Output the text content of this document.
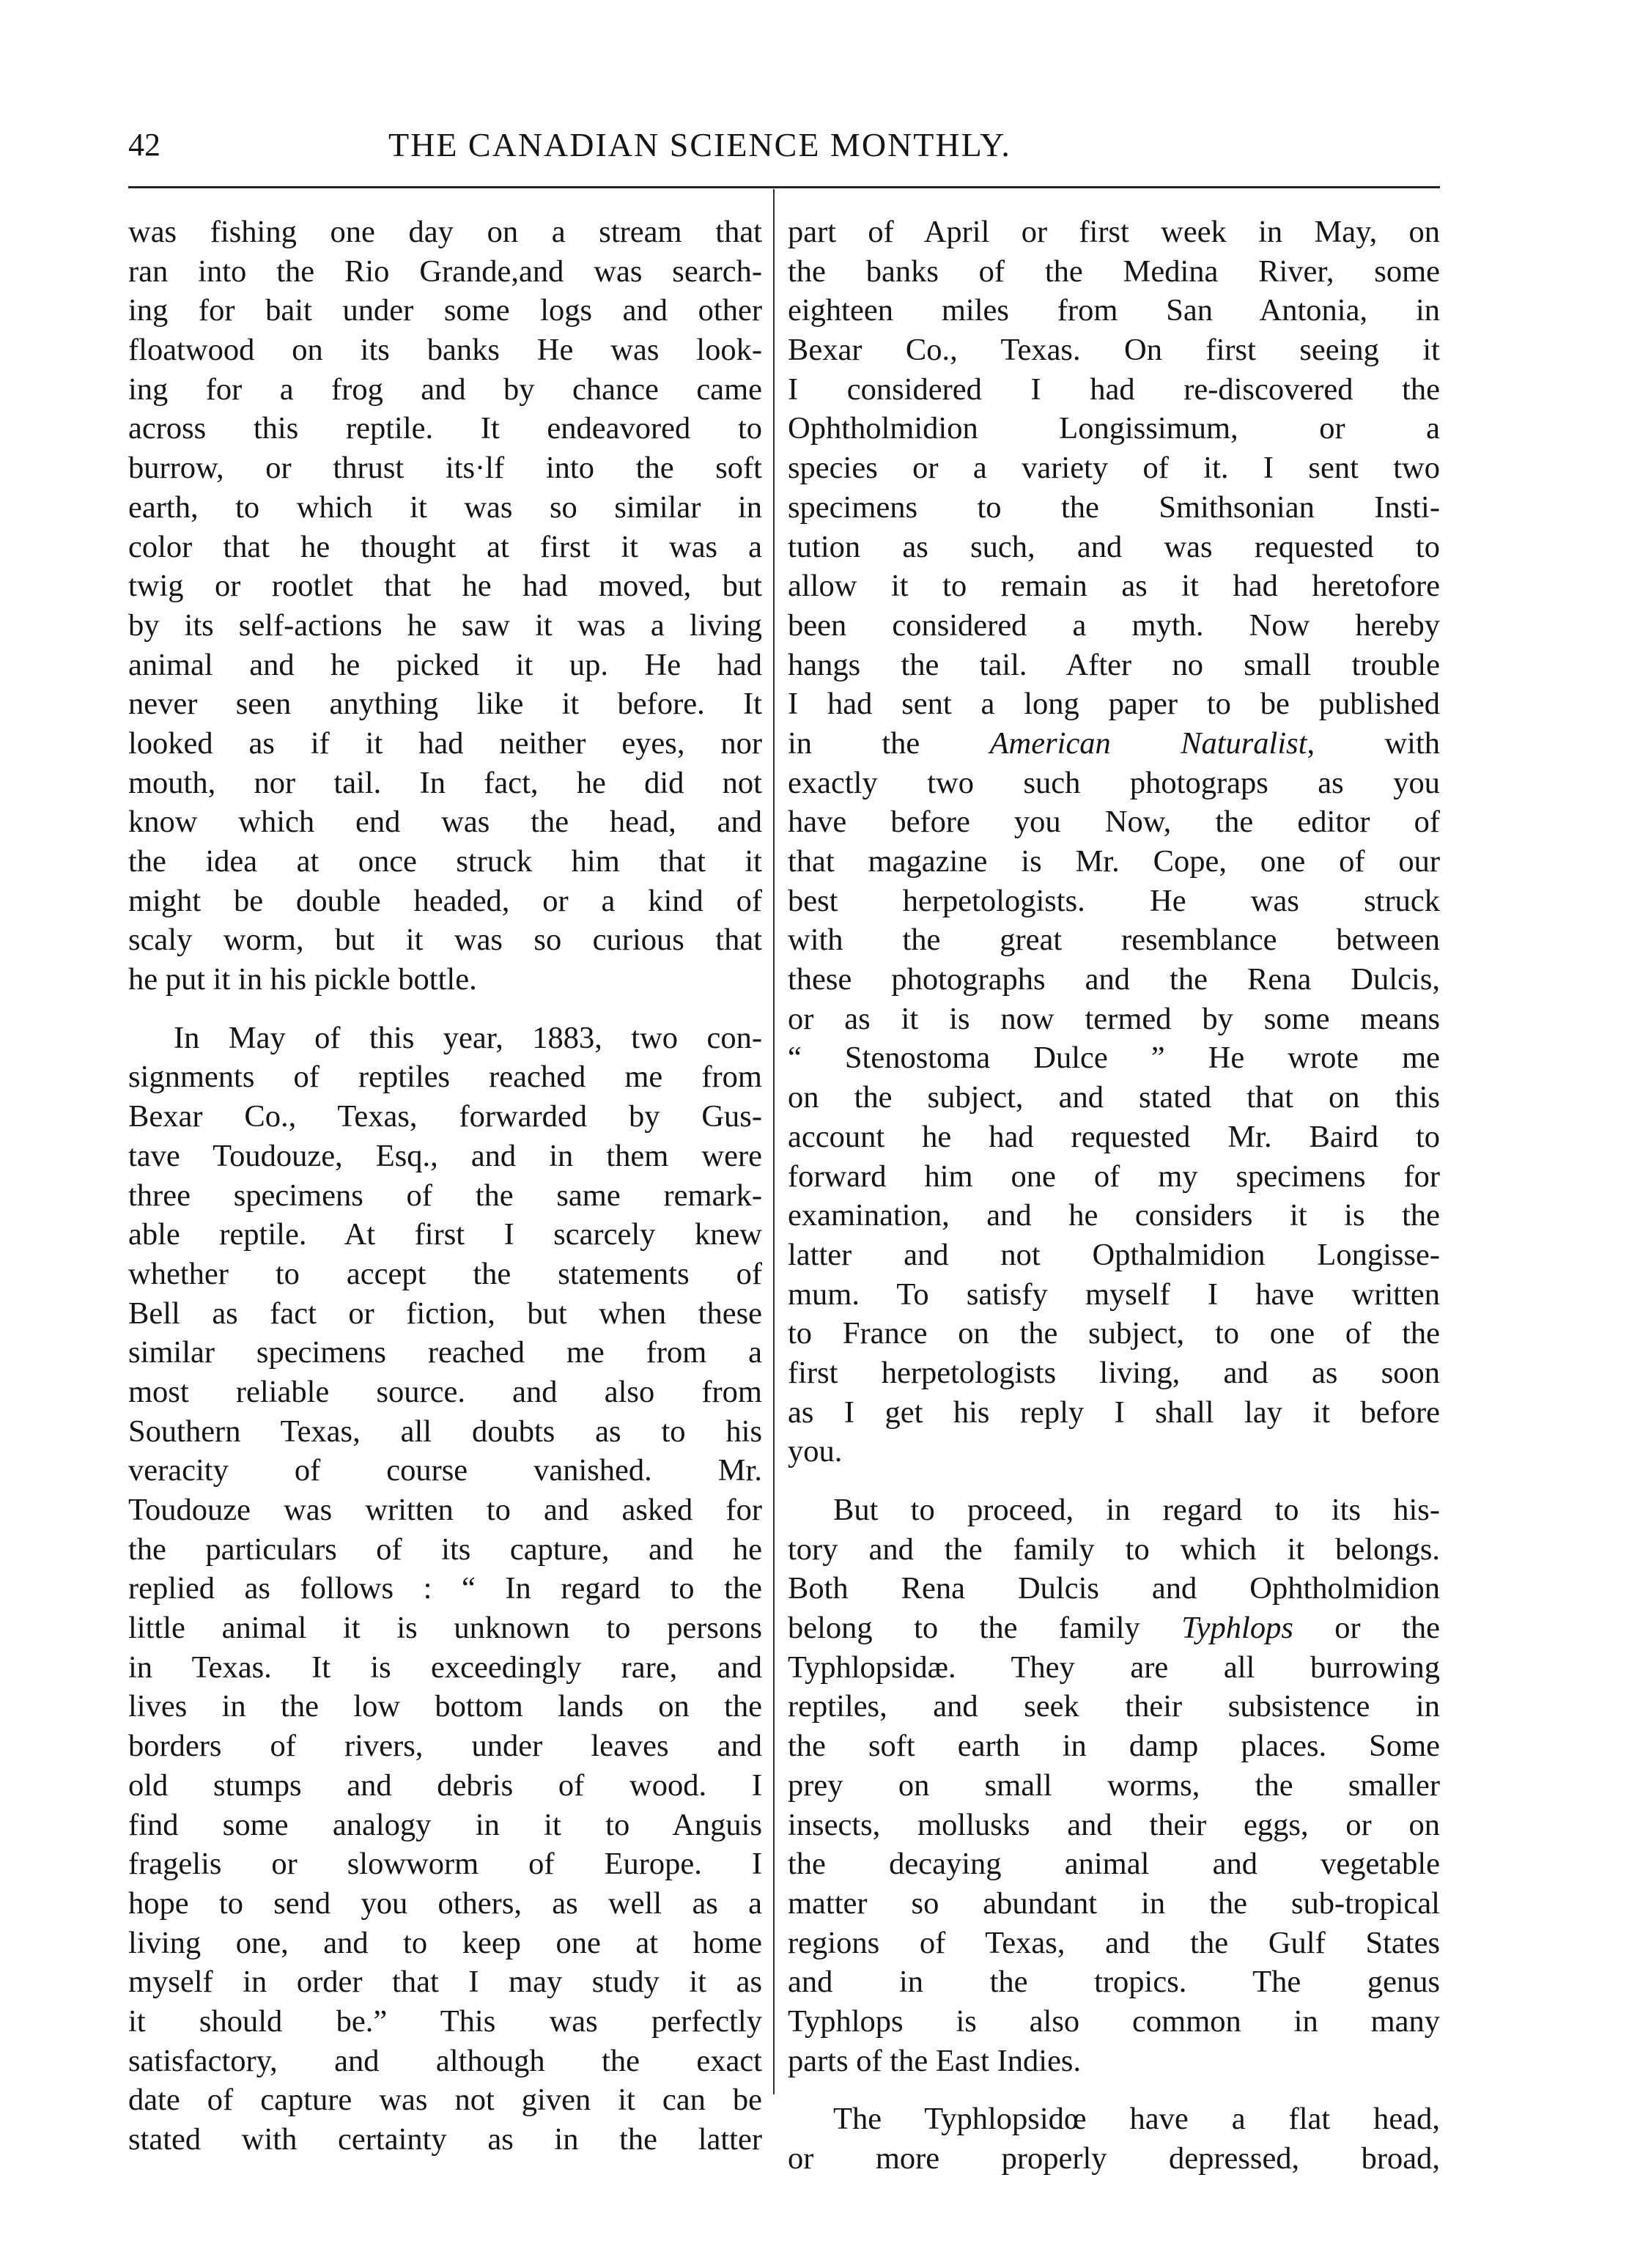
42	THE CANADIAN SCIENCE MONTHLY.
was fishing one day on a stream that
ran into the Rio Grande,and was search-
ing for bait under some logs and other
floatwood on its banks He was look-
ing for a frog and by chance came
across this reptile. It endeavored to
burrow, or thrust its·lf into the soft
earth, to which it was so similar in
color that he thought at first it was a
twig or rootlet that he had moved, but
by its self-actions he saw it was a living
animal and he picked it up. He had
never seen anything like it before. It
looked as if it had neither eyes, nor
mouth, nor tail. In fact, he did not
know which end was the head, and
the idea at once struck him that it
might be double headed, or a kind of
scaly worm, but it was so curious that
he put it in his pickle bottle.
In May of this year, 1883, two con-
signments of reptiles reached me from
Bexar Co., Texas, forwarded by Gus-
tave Toudouze, Esq., and in them were
three specimens of the same remark-
able reptile. At first I scarcely knew
whether to accept the statements of
Bell as fact or fiction, but when these
similar specimens reached me from a
most reliable source. and also from
Southern Texas, all doubts as to his
veracity of course vanished. Mr.
Toudouze was written to and asked for
the particulars of its capture, and he
replied as follows : “ In regard to the
little animal it is unknown to persons
in Texas. It is exceedingly rare, and
lives in the low bottom lands on the
borders of rivers, under leaves and
old stumps and debris of wood. I
find some analogy in it to Anguis
fragelis or slowworm of Europe. I
hope to send you others, as well as a
living one, and to keep one at home
myself in order that I may study it as
it should be.” This was perfectly
satisfactory, and although the exact
date of capture was not given it can be
stated with certainty as in the latter
part of April or first week in May, on
the banks of the Medina River, some
eighteen miles from San Antonia, in
Bexar Co., Texas. On first seeing it
I considered I had re-discovered the
Ophtholmidion Longissimum, or a
species or a variety of it. I sent two
specimens to the Smithsonian Insti-
tution as such, and was requested to
allow it to remain as it had heretofore
been considered a myth. Now hereby
hangs the tail. After no small trouble
I had sent a long paper to be published
in the American Naturalist, with
exactly two such photograps as you
have before you Now, the editor of
that magazine is Mr. Cope, one of our
best herpetologists. He was struck
with the great resemblance between
these photographs and the Rena Dulcis,
or as it is now termed by some means
“ Stenostoma Dulce ” He wrote me
on the subject, and stated that on this
account he had requested Mr. Baird to
forward him one of my specimens for
examination, and he considers it is the
latter and not Opthalmidion Longisse-
mum. To satisfy myself I have written
to France on the subject, to one of the
first herpetologists living, and as soon
as I get his reply I shall lay it before
you.
But to proceed, in regard to its his-
tory and the family to which it belongs.
Both Rena Dulcis and Ophtholmidion
belong to the family Typhlops or the
Typhlopsidæ. They are all burrowing
reptiles, and seek their subsistence in
the soft earth in damp places. Some
prey on small worms, the smaller
insects, mollusks and their eggs, or on
the decaying animal and vegetable
matter so abundant in the sub-tropical
regions of Texas, and the Gulf States
and in the tropics. The genus
Typhlops is also common in many
parts of the East Indies.
The Typhlopsidœ have a flat head,
or more properly depressed, broad,
